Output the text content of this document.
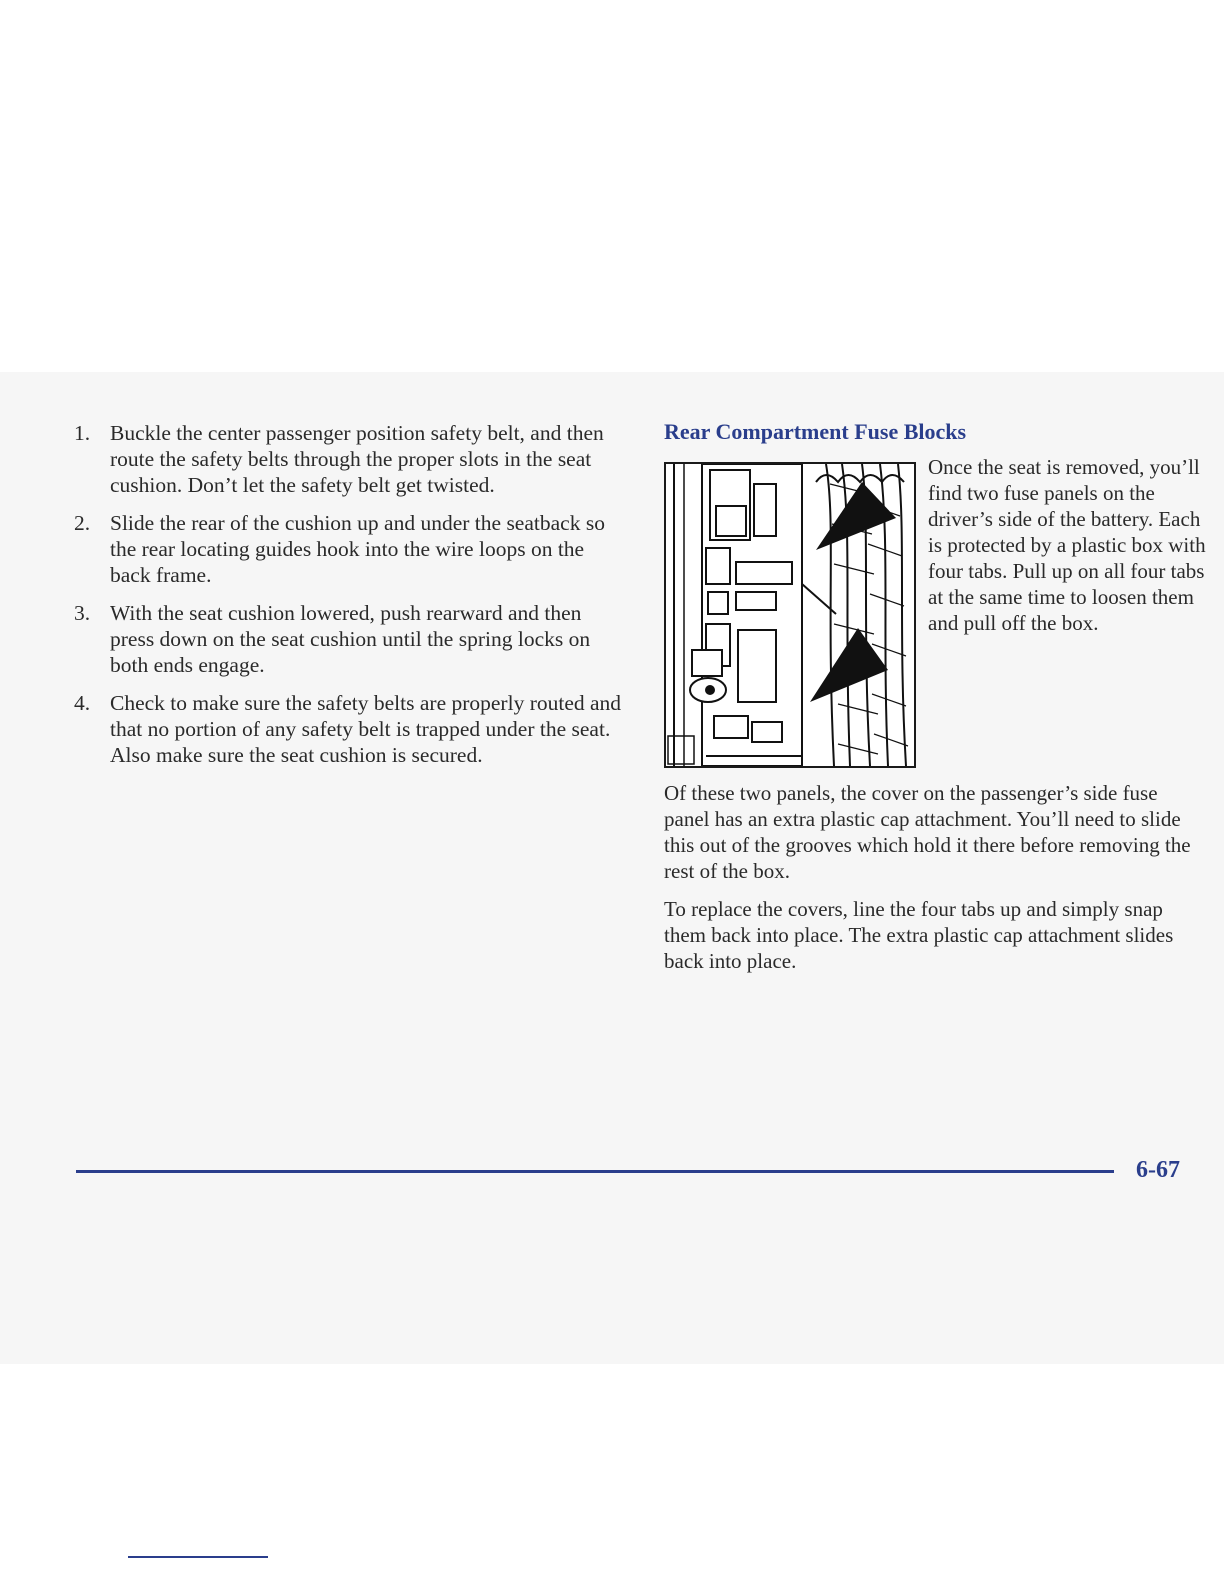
1. Buckle the center passenger position safety belt, and then route the safety belts through the proper slots in the seat cushion. Don’t let the safety belt get twisted.
2. Slide the rear of the cushion up and under the seatback so the rear locating guides hook into the wire loops on the back frame.
3. With the seat cushion lowered, push rearward and then press down on the seat cushion until the spring locks on both ends engage.
4. Check to make sure the safety belts are properly routed and that no portion of any safety belt is trapped under the seat. Also make sure the seat cushion is secured.
Rear Compartment Fuse Blocks

Once the seat is removed, you’ll find two fuse panels on the driver’s side of the battery. Each is protected by a plastic box with four tabs. Pull up on all four tabs at the same time to loosen them and pull off the box.

Of these two panels, the cover on the passenger’s side fuse panel has an extra plastic cap attachment. You’ll need to slide this out of the grooves which hold it there before removing the rest of the box.

To replace the covers, line the four tabs up and simply snap them back into place. The extra plastic cap attachment slides back into place.

6-67
